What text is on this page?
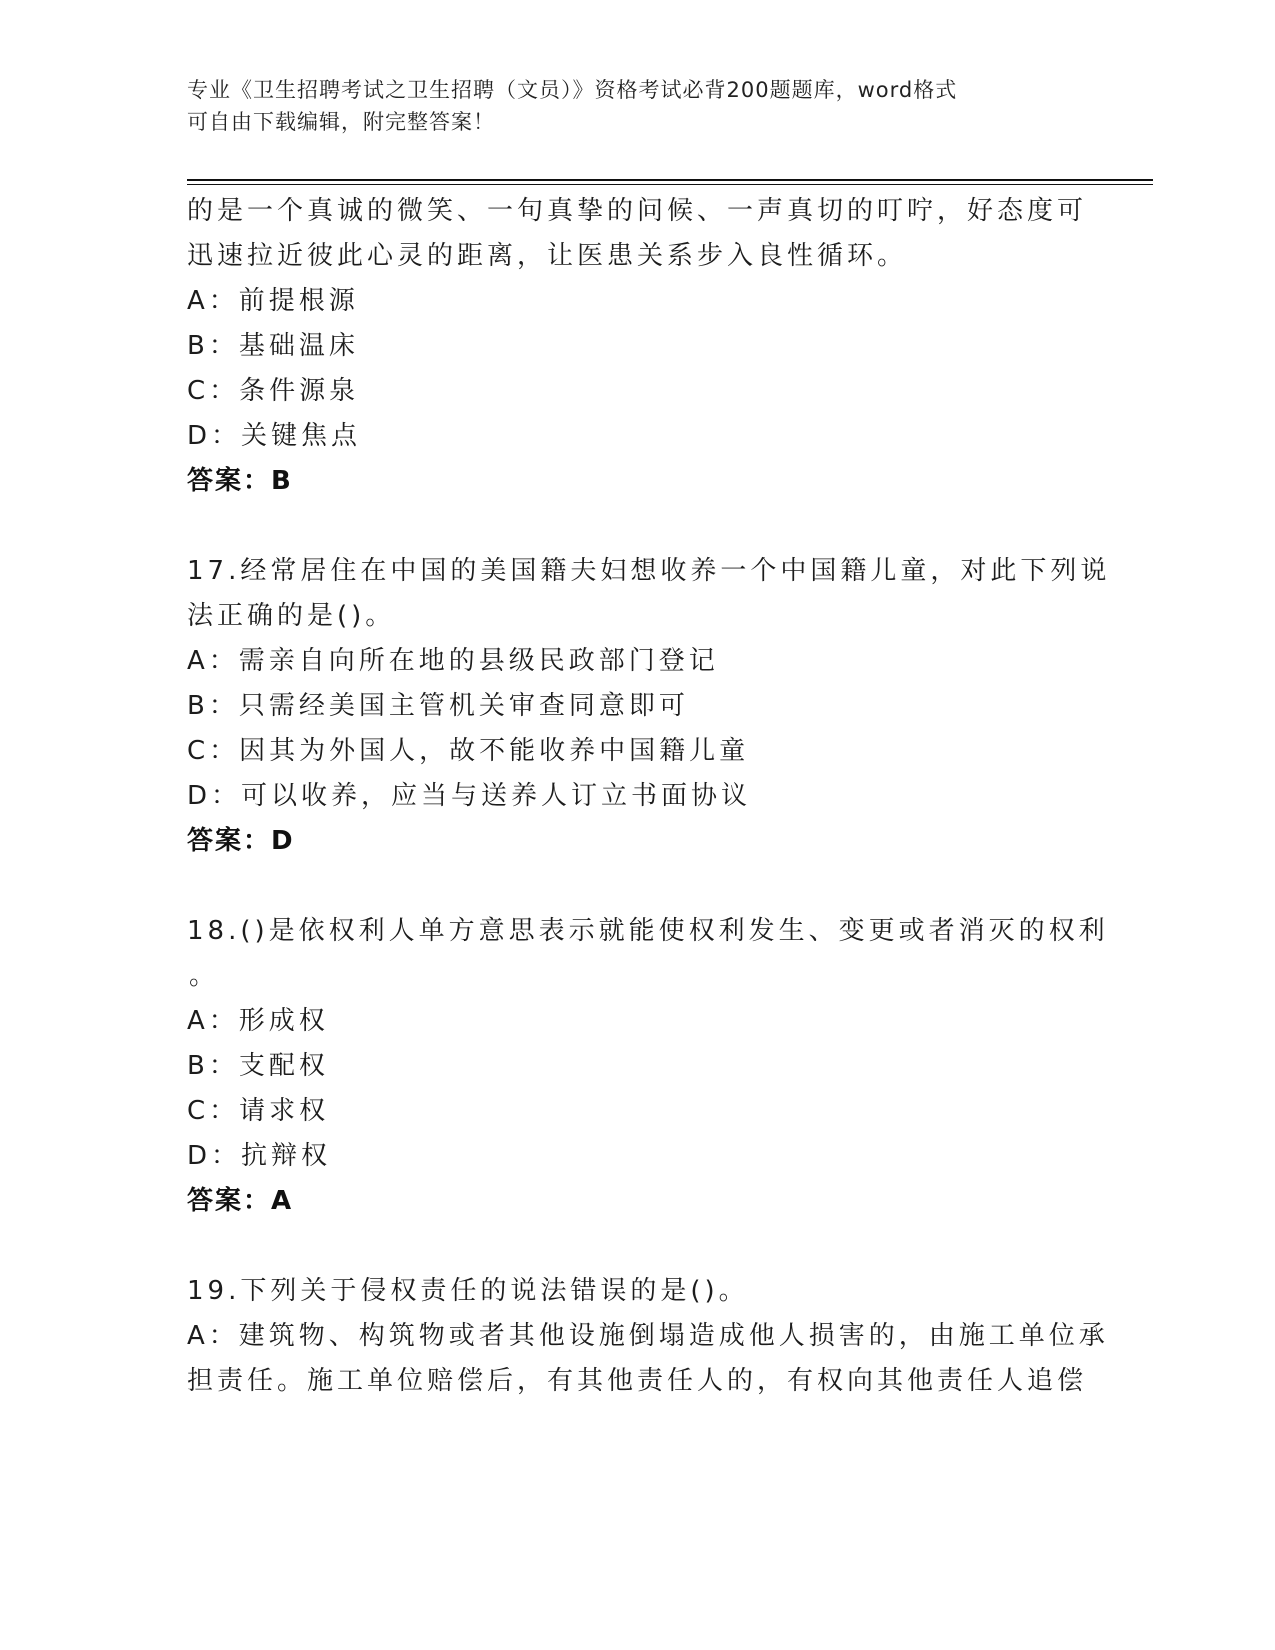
专业《卫生招聘考试之卫生招聘（文员）》资格考试必背200题题库，word格式
可自由下载编辑，附完整答案！
的是一个真诚的微笑、一句真挚的问候、一声真切的叮咛，好态度可
迅速拉近彼此心灵的距离，让医患关系步入良性循环。
A：前提根源
B：基础温床
C：条件源泉
D：关键焦点
答案：B
17.经常居住在中国的美国籍夫妇想收养一个中国籍儿童，对此下列说
法正确的是()。
A：需亲自向所在地的县级民政部门登记
B：只需经美国主管机关审查同意即可
C：因其为外国人，故不能收养中国籍儿童
D：可以收养，应当与送养人订立书面协议
答案：D
18.()是依权利人单方意思表示就能使权利发生、变更或者消灭的权利
。
A：形成权
B：支配权
C：请求权
D：抗辩权
答案：A
19.下列关于侵权责任的说法错误的是()。
A：建筑物、构筑物或者其他设施倒塌造成他人损害的，由施工单位承
担责任。施工单位赔偿后，有其他责任人的，有权向其他责任人追偿
